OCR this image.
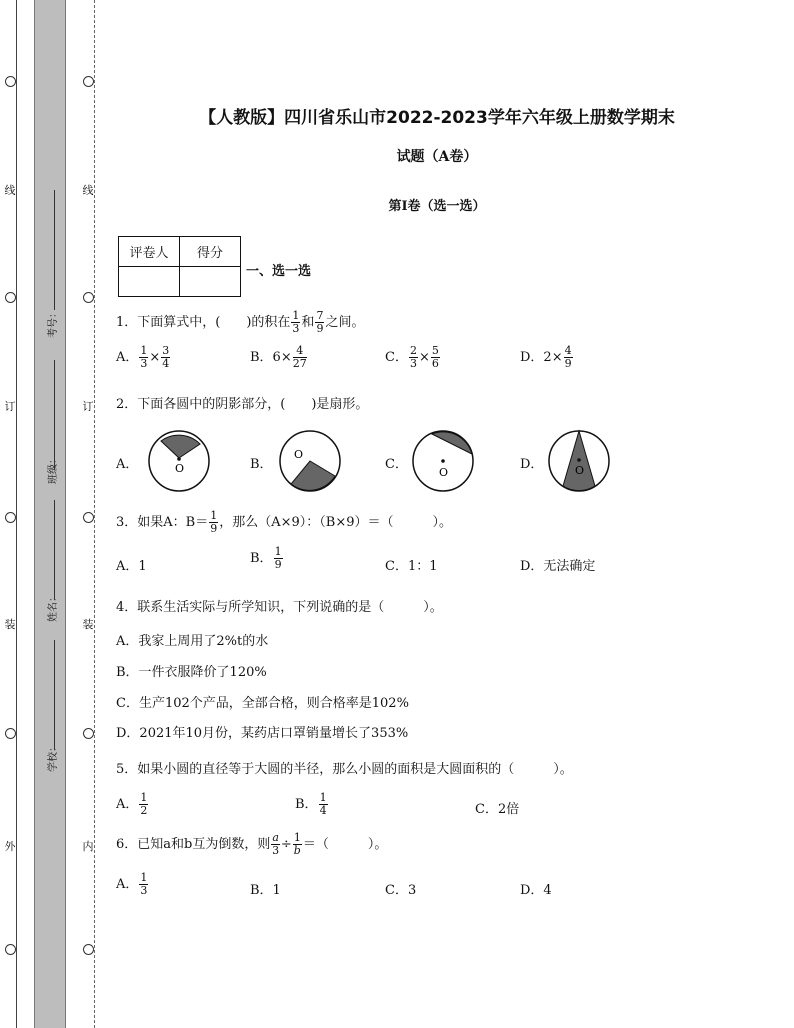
线
订
装
外
线
订
装
内
考号：
班级：
姓名：
学校：
【人教版】四川省乐山市2022-2023学年六年级上册数学期末
试题（A卷）
第I卷（选一选）
评卷人	得分

一、选一选
1．下面算式中，(　　)的积在 $\frac{1}{3}$ 和 $\frac{7}{9}$ 之间。
A． $\frac{1}{3} \times \frac{3}{4}$	B．$6\times \frac{4}{27}$	C． $\frac{2}{3} \times \frac{5}{6}$	D．$2\times \frac{4}{9}$
2．下面各圆中的阴影部分，(　　)是扇形。
A．	B．	C．	D．
O
O
O	O
3．如果A：$B= \frac{1}{9}$ ，那么（A×9）：（B×9）＝（　　　）。
A．1
B． $\frac{1}{9}$	C．1：1	D．无法确定
4．联系生活实际与所学知识，下列说确的是（　　　）。
A．我家上周用了2%t的水
B．一件衣服降价了120%
C．生产102个产品，全部合格，则合格率是102%
D．2021年10月份，某药店口罩销量增长了353%
5．如果小圆的直径等于大圆的半径，那么小圆的面积是大圆面积的（　　　）。
A． $\frac{1}{2}$	B． $\frac{1}{4}$	C．2倍
6．已知a和b互为倒数，则 $\frac{a}{3} \div \frac{1}{b}$ ＝（　　　）。
A． $\frac{1}{3}$	B．1	C．3	D．4
